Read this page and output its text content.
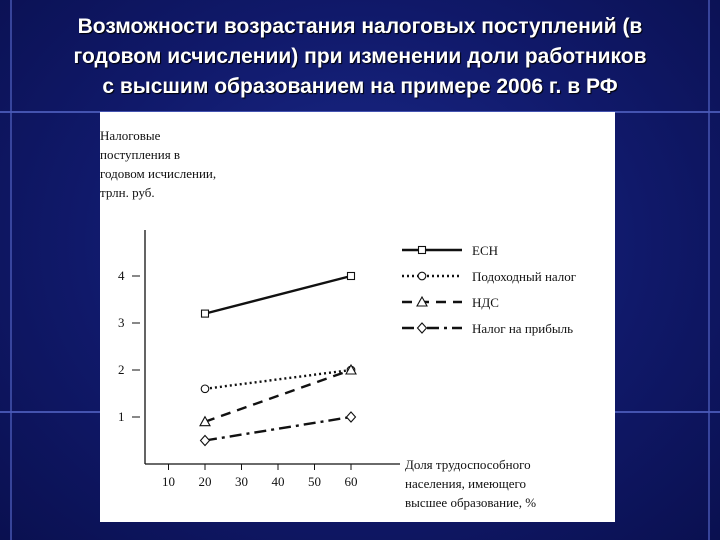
Возможности возрастания налоговых поступлений (в
годовом исчислении) при изменении доли работников
с высшим образованием на примере 2006 г. в РФ
Налоговые
поступления в
годовом исчислении,
трлн. руб.
1
2
3
4
10 20 30 40 50 60
Доля трудоспособного
населения, имеющего
высшее образование, %
ЕСН
Подоходный налог
НДС
Налог на прибыль
